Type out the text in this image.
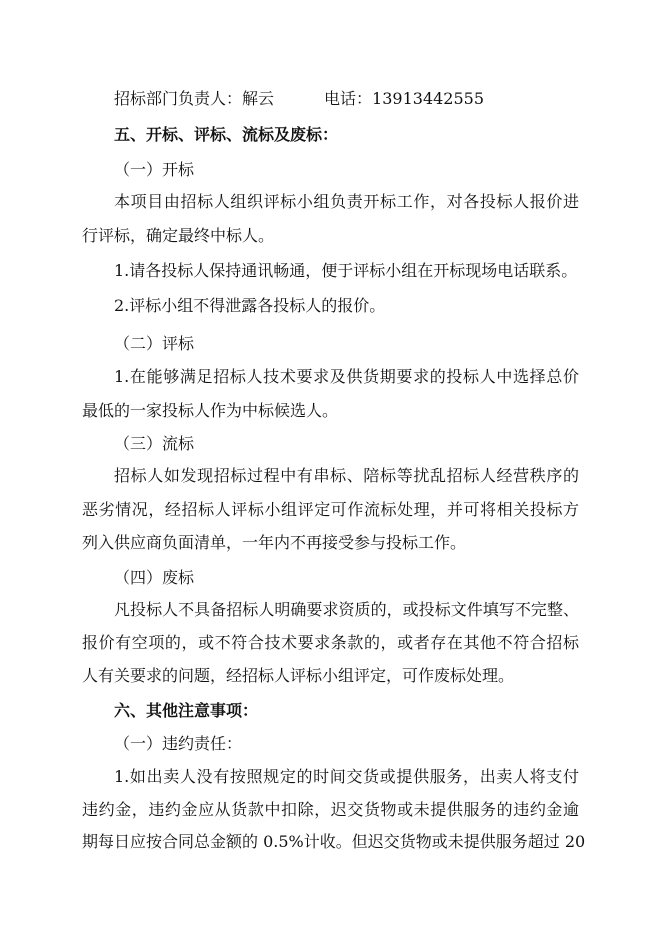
招标部门负责人：解云	电话：13913442555
五、开标、评标、流标及废标：
（一）开标
本项目由招标人组织评标小组负责开标工作，对各投标人报价进
行评标，确定最终中标人。
1.请各投标人保持通讯畅通，便于评标小组在开标现场电话联系。
2.评标小组不得泄露各投标人的报价。
（二）评标
1.在能够满足招标人技术要求及供货期要求的投标人中选择总价
最低的一家投标人作为中标候选人。
（三）流标
招标人如发现招标过程中有串标、陪标等扰乱招标人经营秩序的
恶劣情况，经招标人评标小组评定可作流标处理，并可将相关投标方
列入供应商负面清单，一年内不再接受参与投标工作。
（四）废标
凡投标人不具备招标人明确要求资质的，或投标文件填写不完整、
报价有空项的，或不符合技术要求条款的，或者存在其他不符合招标
人有关要求的问题，经招标人评标小组评定，可作废标处理。
六、其他注意事项：
（一）违约责任：
1.如出卖人没有按照规定的时间交货或提供服务，出卖人将支付
违约金，违约金应从货款中扣除，迟交货物或未提供服务的违约金逾
期每日应按合同总金额的 0.5%计收。但迟交货物或未提供服务超过 20
